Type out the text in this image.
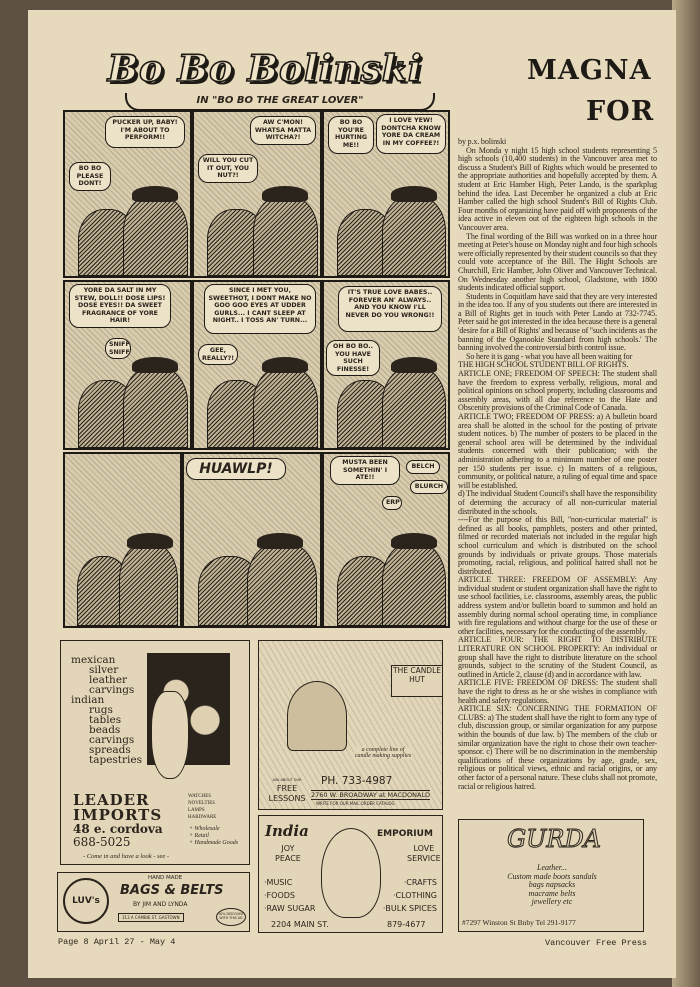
MAGNA
FOR
Bo Bo Bolinski
IN "BO BO THE GREAT LOVER"
BO BO PLEASE DONT!
PUCKER UP, BABY! I'M ABOUT TO PERFORM!!
AW C'MON! WHATSA MATTA WITCHA?!
WILL YOU CUT IT OUT, YOU NUT?!
BO BO YOU'RE HURTING ME!!
I LOVE YEW! DONTCHA KNOW YORE DA CREAM IN MY COFFEE?!
YORE DA SALT IN MY STEW, DOLL!! DOSE LIPS! DOSE EYES!! DA SWEET FRAGRANCE OF YORE HAIR!
SNIFF SNIFF
SINCE I MET YOU, SWEETHOT, I DONT MAKE NO GOO GOO EYES AT UDDER GURLS... I CANT SLEEP AT NIGHT.. I TOSS AN' TURN...
GEE, REALLY?!
IT'S TRUE LOVE BABES.. FOREVER AN' ALWAYS.. AND YOU KNOW I'LL NEVER DO YOU WRONG!!
OH BO BO.. YOU HAVE SUCH FINESSE!
HUAWLP!	MUSTA BEEN SOMETHIN' I ATE!!
BELCH
BLURCH
ERP

by p.x. bolinski

On Monda y night 15 high school students representing 5 high schools (10,400 students) in the Vancouver area met to discuss a Student's Bill of Rights which would be presented to the appropriate authorities and hopefully accepted by them. A student at Eric Hamber High, Peter Lando, is the sparkplug behind the idea. Last December he organized a club at Eric Hamber called the high school Student's Bill of Rights Club. Four months of organizing have paid off with proponents of the idea active in eleven out of the eighteen high schools in the Vancouver area.

The final wording of the Bill was worked on in a three hour meeting at Peter's house on Monday night and four high schools were officially represented by their student councils so that they could vote acceptance of the Bill. The Hight Schools are Churchill, Eric Hamber, John Oliver and Vancouver Technical. On Wednesday another high school, Gladstone, with 1800 students indicated official support.

Students in Coquitlam have said that they are very interested in the idea too. If any of you students out there are interested in a Bill of Rights get in touch with Peter Lando at 732-7745. Peter said he got interested in the idea because there is a general 'desire for a Bill of Rights' and because of ''such incidents as the banning of the Oganookie Standard from high schools.' The banning involved the controversial birth control issue.

So here it is gang - what you have all been waiting for

THE HIGH SCHOOL STUDENT BILL OF RIGHTS.

ARTICLE ONE; FREEDOM OF SPEECH: The student shall have the freedom to express verbally, religious, moral and political opinions on school property, including classrooms and assembly areas, with all due reference to the Hate and Obscenity provisions of the Criminal Code of Canada.

ARTICLE TWO; FREEDOM OF PRESS: a) A bulletin board area shall be alotted in the school for the posting of private student notices. b) The number of posters to be placed in the general school area will be determined by the individual students concerned with their publication; with the administration adhering to a minimum number of one poster per 150 students per issue. c) In matters of a religious, community, or political nature, a ruling of equal time and space will be established.

d) The individual Student Council's shall have the responsibility of determing the accuracy of all non-curricular material distributed in the schools.

----For the purpose of this Bill, ''non-curricular material'' is defined as all books, pamphlets, posters and other printed, filmed or recorded materials not included in the regular high school curriculum and which is distributed on the school grounds by individuals or private groups. Those materials promoting, racial, religious, and political hatred shall not be distributed.

ARTICLE THREE: FREEDOM OF ASSEMBLY: Any individual student or student organization shall have the right to use school facilities, i.e. classrooms, assembly areas, the public address system and/or bulletin board to summon and hold an assembly during normal school operating time, in compliance with fire regulations and without charge for the use of these or other facilities, necessary for the conducting of the assembly.

ARTICLE FOUR: THE RIGHT TO DISTRIBUTE LITERATURE ON SCHOOL PROPERTY: An individual or group shall have the right to distribute literature on the school grounds, subject to the scrutiny of the Student Council, as outlined in Article 2, clause (d) and in accordance with law.

ARTICLE FIVE: FREEDOM OF DRESS: The student shall have the right to dress as he or she wishes in compliance with health and safety regulations.

ARTICLE SIX: CONCERNING THE FORMATION OF CLUBS: a) The student shall have the right to form any type of club, discussion group, or similar organization for any purpose within the bounds of due law. b) The members of the club or similar organization have the right to chose their own teacher-sponsor. c) There will be no discrimination in the membership qualifications of these organizations by age, grade, sex, religious or political views, ethnic and racial origins, or any other factor of a personal nature. These clubs shall not promote, racial or religious hatred.

mexican
silver
leather
carvings
indian
rugs
tables
beads
carvings
spreads
tapestries
LEADER
IMPORTS
48 e. cordova
688-5025
WATCHES
NOVELTIES
LAMPS
HARDWARE
+ Wholesale
+ Retail
+ Handmade Goods
- Come in and have a look - see -
THE CANDLE HUT
a complete line of candle making supplies
ASK ABOUT OUR
FREE LESSONS
PH. 733-4987
2760 W. BROADWAY at MACDONALD
WRITE FOR OUR MAIL ORDER CATALOG
India	EMPORIUM
JOY
PEACE
LOVE
SERVICE
·MUSIC
·FOODS
·RAW SUGAR
·CRAFTS
·CLOTHING
·BULK SPICES
2204 MAIN ST.	879-4677
LUV's
HAND MADE
BAGS & BELTS
BY JIM AND LYNDA
313 A CAMBIE ST. GASTOWN
10% DISCOUNT WITH THIS AD
GURDA
Leather...
Custom made boots sandals
bags napsacks
macrame belts
jewellery etc
#7297 Winston St Bnby Tel 291-9177
Page 8 April 27 - May 4	Vancouver Free Press
